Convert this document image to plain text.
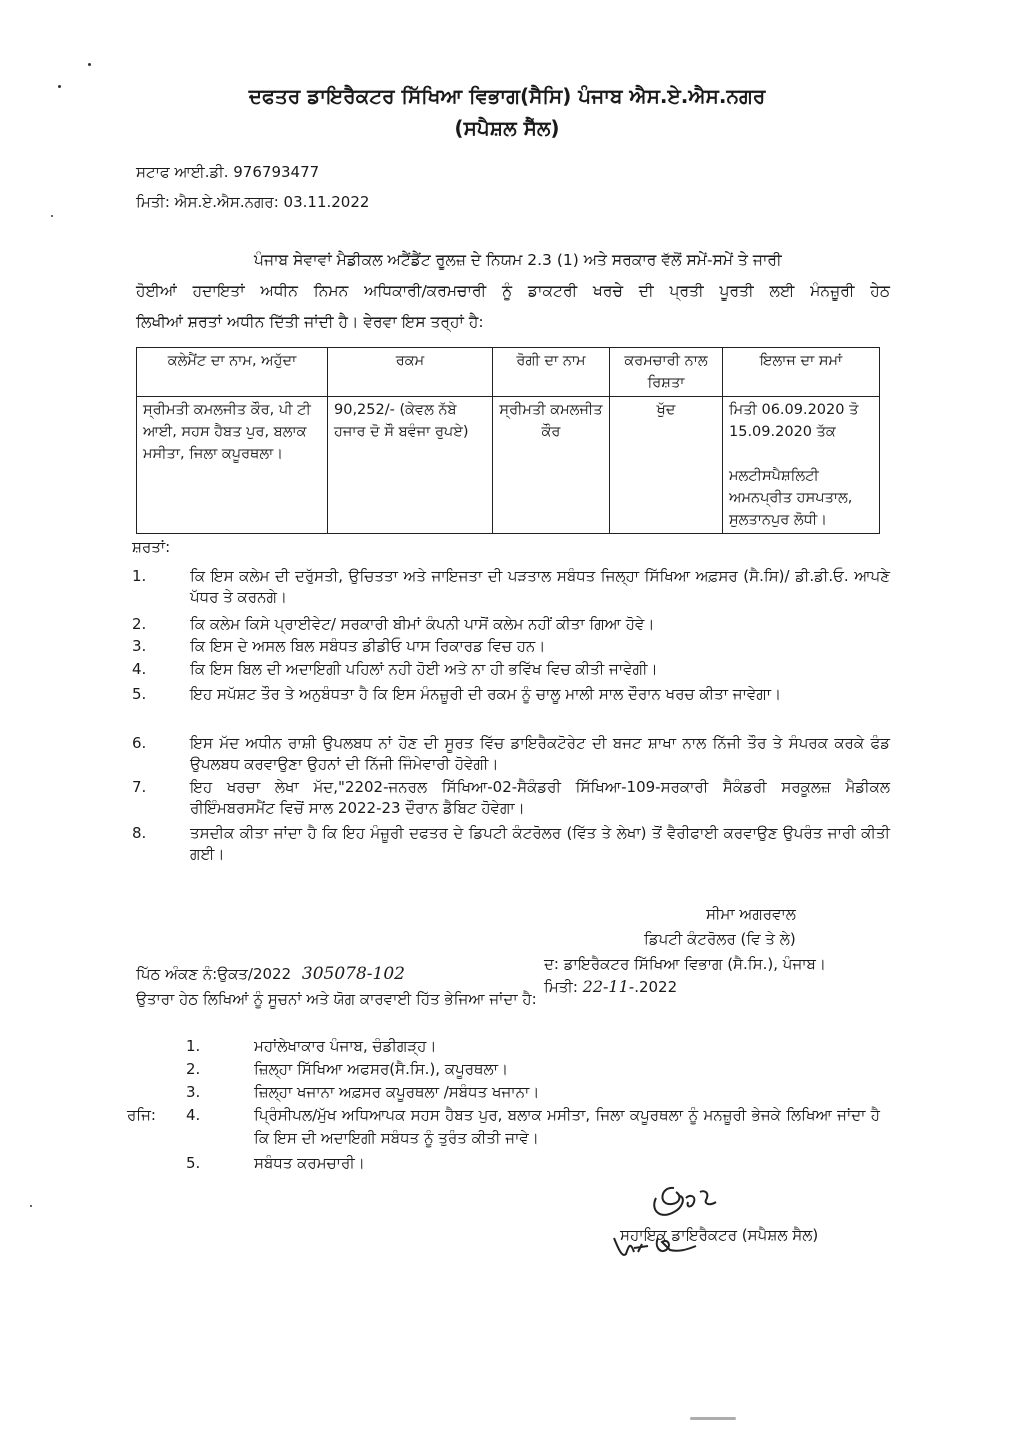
ਦਫਤਰ ਡਾਇਰੈਕਟਰ ਸਿੱਖਿਆ ਵਿਭਾਗ(ਸੈਸਿ) ਪੰਜਾਬ ਐਸ.ਏ.ਐਸ.ਨਗਰ
(ਸਪੈਸ਼ਲ ਸੈੱਲ)
ਸਟਾਫ ਆਈ.ਡੀ. 976793477
ਮਿਤੀ: ਐਸ.ਏ.ਐਸ.ਨਗਰ: 03.11.2022
ਪੰਜਾਬ ਸੇਵਾਵਾਂ ਮੈਡੀਕਲ ਅਟੈਂਡੈਂਟ ਰੂਲਜ਼ ਦੇ ਨਿਯਮ 2.3 (1) ਅਤੇ ਸਰਕਾਰ ਵੱਲੋਂ ਸਮੇਂ-ਸਮੇਂ ਤੇ ਜਾਰੀ
ਹੋਈਆਂ ਹਦਾਇਤਾਂ ਅਧੀਨ ਨਿਮਨ ਅਧਿਕਾਰੀ/ਕਰਮਚਾਰੀ ਨੂੰ ਡਾਕਟਰੀ ਖਰਚੇ ਦੀ ਪ੍ਰਤੀ ਪੂਰਤੀ ਲਈ ਮੰਨਜ਼ੂਰੀ ਹੇਠ
ਲਿਖੀਆਂ ਸ਼ਰਤਾਂ ਅਧੀਨ ਦਿੱਤੀ ਜਾਂਦੀ ਹੈ। ਵੇਰਵਾ ਇਸ ਤਰ੍ਹਾਂ ਹੈ:
ਕਲੇਮੈਂਟ ਦਾ ਨਾਮ, ਅਹੁੱਦਾ	ਰਕਮ	ਰੋਗੀ ਦਾ ਨਾਮ	ਕਰਮਚਾਰੀ ਨਾਲ ਰਿਸ਼ਤਾ	ਇਲਾਜ ਦਾ ਸਮਾਂ
ਸ੍ਰੀਮਤੀ ਕਮਲਜੀਤ ਕੌਰ, ਪੀ ਟੀ ਆਈ, ਸਹਸ ਹੈਬਤ ਪੁਰ, ਬਲਾਕ ਮਸੀਤਾ, ਜਿਲਾ ਕਪੂਰਥਲਾ।	90,252/- (ਕੇਵਲ ਨੱਬੇ ਹਜਾਰ ਦੋ ਸੌ ਬਵੰਜਾ ਰੁਪਏ)	ਸ੍ਰੀਮਤੀ ਕਮਲਜੀਤ ਕੌਰ	ਖੁੱਦ	ਮਿਤੀ 06.09.2020 ਤੋ 15.09.2020 ਤੱਕ
ਮਲਟੀਸਪੈਸ਼ਲਿਟੀ ਅਮਨਪ੍ਰੀਤ ਹਸਪਤਾਲ, ਸੁਲਤਾਨਪੁਰ ਲੋਧੀ।
ਸ਼ਰਤਾਂ:
1.	ਕਿ ਇਸ ਕਲੇਮ ਦੀ ਦਰੁੱਸਤੀ, ਉਚਿਤਤਾ ਅਤੇ ਜਾਇਜਤਾ ਦੀ ਪੜਤਾਲ ਸਬੰਧਤ ਜਿਲ੍ਹਾ ਸਿੱਖਿਆ ਅਫ਼ਸਰ (ਸੈ.ਸਿ)/ ਡੀ.ਡੀ.ਓ. ਆਪਣੇ ਪੱਧਰ ਤੇ ਕਰਨਗੇ।
2.	ਕਿ ਕਲੇਮ ਕਿਸੇ ਪ੍ਰਾਈਵੇਟ/ ਸਰਕਾਰੀ ਬੀਮਾਂ ਕੰਪਨੀ ਪਾਸੋਂ ਕਲੇਮ ਨਹੀਂ ਕੀਤਾ ਗਿਆ ਹੋਵੇ।
3.	ਕਿ ਇਸ ਦੇ ਅਸਲ ਬਿਲ ਸਬੰਧਤ ਡੀਡੀਓ ਪਾਸ ਰਿਕਾਰਡ ਵਿਚ ਹਨ।
4.	ਕਿ ਇਸ ਬਿਲ ਦੀ ਅਦਾਇਗੀ ਪਹਿਲਾਂ ਨਹੀ ਹੋਈ ਅਤੇ ਨਾ ਹੀ ਭਵਿੱਖ ਵਿਚ ਕੀਤੀ ਜਾਵੇਗੀ।
5.	ਇਹ ਸਪੱਸ਼ਟ ਤੌਰ ਤੇ ਅਨੁਬੰਧਤਾ ਹੈ ਕਿ ਇਸ ਮੰਨਜ਼ੂਰੀ ਦੀ ਰਕਮ ਨੂੰ ਚਾਲੂ ਮਾਲੀ ਸਾਲ ਦੌਰਾਨ ਖਰਚ ਕੀਤਾ ਜਾਵੇਗਾ।
6.	ਇਸ ਮੱਦ ਅਧੀਨ ਰਾਸ਼ੀ ਉਪਲਬਧ ਨਾਂ ਹੋਣ ਦੀ ਸੂਰਤ ਵਿੱਚ ਡਾਇਰੈਕਟੋਰੇਟ ਦੀ ਬਜਟ ਸ਼ਾਖਾ ਨਾਲ ਨਿੱਜੀ ਤੌਰ ਤੇ ਸੰਪਰਕ ਕਰਕੇ ਫੰਡ ਉਪਲਬਧ ਕਰਵਾਉਣਾ ਉਹਨਾਂ ਦੀ ਨਿੱਜੀ ਜਿੰਮੇਵਾਰੀ ਹੋਵੇਗੀ।
7.	ਇਹ ਖਰਚਾ ਲੇਖਾ ਮੱਦ,"2202-ਜਨਰਲ ਸਿੱਖਿਆ-02-ਸੈਕੰਡਰੀ ਸਿੱਖਿਆ-109-ਸਰਕਾਰੀ ਸੈਕੰਡਰੀ ਸਰਕੂਲਜ਼ ਮੈਡੀਕਲ ਰੀਇੰਮਬਰਸਮੈਂਟ ਵਿਚੋਂ ਸਾਲ 2022-23 ਦੌਰਾਨ ਡੈਬਿਟ ਹੋਵੇਗਾ।
8.	ਤਸਦੀਕ ਕੀਤਾ ਜਾਂਦਾ ਹੈ ਕਿ ਇਹ ਮੰਜ਼ੂਰੀ ਦਫਤਰ ਦੇ ਡਿਪਟੀ ਕੰਟਰੋਲਰ (ਵਿੱਤ ਤੇ ਲੇਖਾ) ਤੋਂ ਵੈਰੀਫਾਈ ਕਰਵਾਉਣ ਉਪਰੰਤ ਜਾਰੀ ਕੀਤੀ ਗਈ।
ਸੀਮਾ ਅਗਰਵਾਲ
ਡਿਪਟੀ ਕੰਟਰੋਲਰ (ਵਿ ਤੇ ਲੇ)
ਦ: ਡਾਇਰੈਕਟਰ ਸਿੱਖਿਆ ਵਿਭਾਗ (ਸੈ.ਸਿ.), ਪੰਜਾਬ।
ਮਿਤੀ: 22-11-.2022
ਪਿੱਠ ਅੰਕਣ ਨੰ:ਉਕਤ/2022 305078-102
ਉਤਾਰਾ ਹੇਠ ਲਿਖਿਆਂ ਨੂੰ ਸੂਚਨਾਂ ਅਤੇ ਯੋਗ ਕਾਰਵਾਈ ਹਿੱਤ ਭੇਜਿਆ ਜਾਂਦਾ ਹੈ:
1.	ਮਹਾਂਲੇਖਾਕਾਰ ਪੰਜਾਬ, ਚੰਡੀਗੜ੍ਹ।
2.	ਜ਼ਿਲ੍ਹਾ ਸਿੱਖਿਆ ਅਫਸਰ(ਸੈ.ਸਿ.), ਕਪੂਰਥਲਾ।
3.	ਜ਼ਿਲ੍ਹਾ ਖਜਾਨਾ ਅਫ਼ਸਰ ਕਪੂਰਥਲਾ /ਸਬੰਧਤ ਖਜਾਨਾ।
ਰਜਿ: 4.	ਪ੍ਰਿੰਸੀਪਲ/ਮੁੱਖ ਅਧਿਆਪਕ ਸਹਸ ਹੈਬਤ ਪੁਰ, ਬਲਾਕ ਮਸੀਤਾ, ਜਿਲਾ ਕਪੂਰਥਲਾ ਨੂੰ ਮਨਜ਼ੂਰੀ ਭੇਜਕੇ ਲਿਖਿਆ ਜਾਂਦਾ ਹੈ ਕਿ ਇਸ ਦੀ ਅਦਾਇਗੀ ਸਬੰਧਤ ਨੂੰ ਤੁਰੰਤ ਕੀਤੀ ਜਾਵੇ।
5.	ਸਬੰਧਤ ਕਰਮਚਾਰੀ।
ਸਹਾਇਕ ਡਾਇਰੈਕਟਰ (ਸਪੈਸ਼ਲ ਸੈਲ)
